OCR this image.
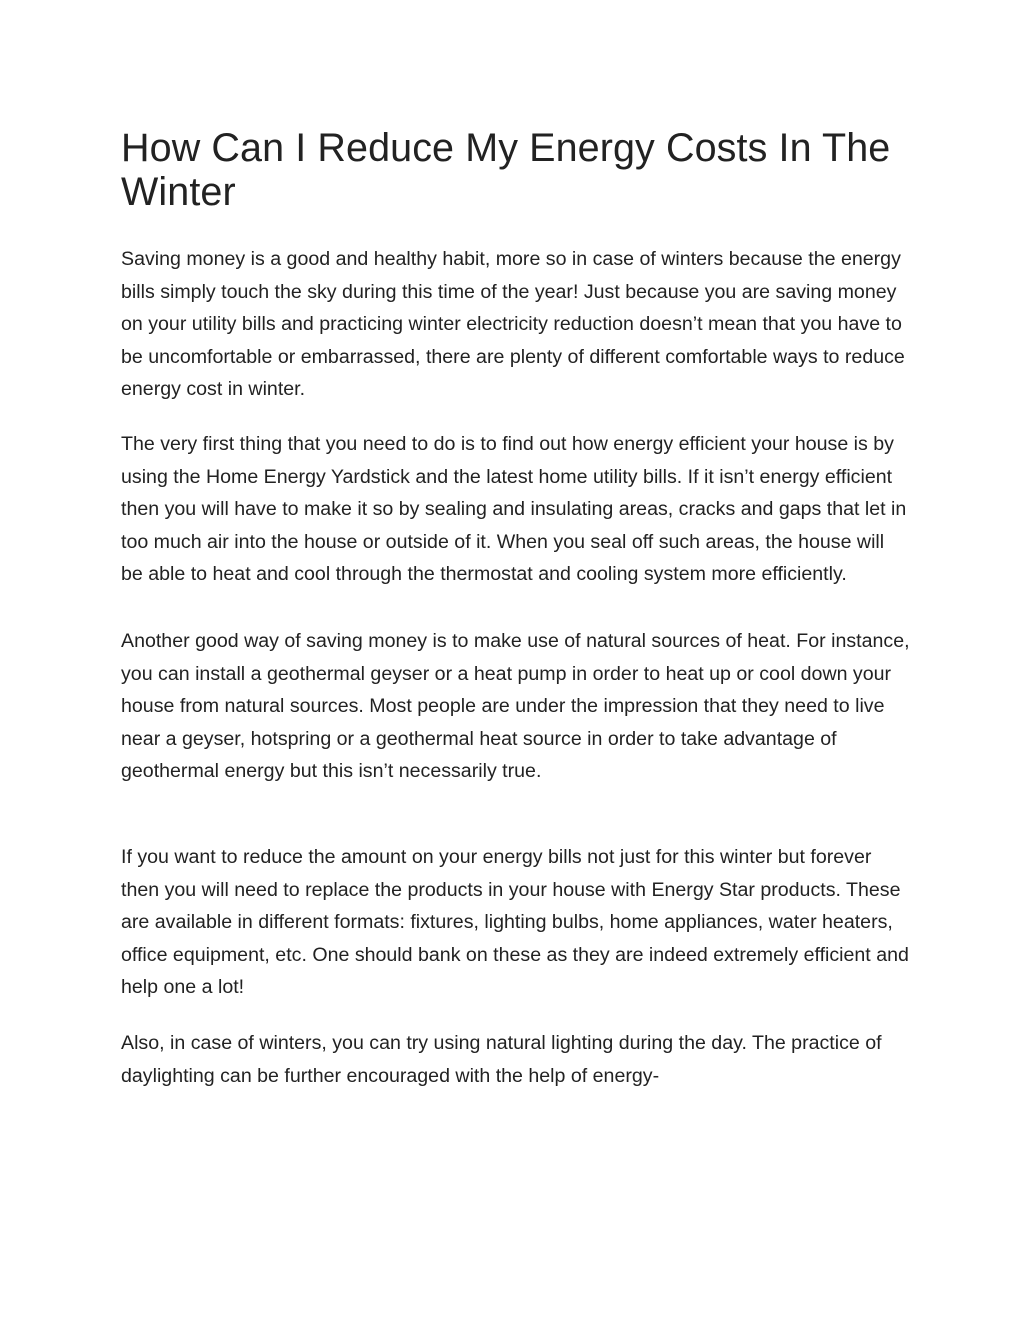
How Can I Reduce My Energy Costs In The Winter

Saving money is a good and healthy habit, more so in case of winters because the energy bills simply touch the sky during this time of the year! Just because you are saving money on your utility bills and practicing winter electricity reduction doesn’t mean that you have to be uncomfortable or embarrassed, there are plenty of different comfortable ways to reduce energy cost in winter.

The very first thing that you need to do is to find out how energy efficient your house is by using the Home Energy Yardstick and the latest home utility bills. If it isn’t energy efficient then you will have to make it so by sealing and insulating areas, cracks and gaps that let in too much air into the house or outside of it. When you seal off such areas, the house will be able to heat and cool through the thermostat and cooling system more efficiently.

Another good way of saving money is to make use of natural sources of heat. For instance, you can install a geothermal geyser or a heat pump in order to heat up or cool down your house from natural sources. Most people are under the impression that they need to live near a geyser, hotspring or a geothermal heat source in order to take advantage of geothermal energy but this isn’t necessarily true.

If you want to reduce the amount on your energy bills not just for this winter but forever then you will need to replace the products in your house with Energy Star products. These are available in different formats: fixtures, lighting bulbs, home appliances, water heaters, office equipment, etc. One should bank on these as they are indeed extremely efficient and help one a lot!

Also, in case of winters, you can try using natural lighting during the day. The practice of daylighting can be further encouraged with the help of energy-
